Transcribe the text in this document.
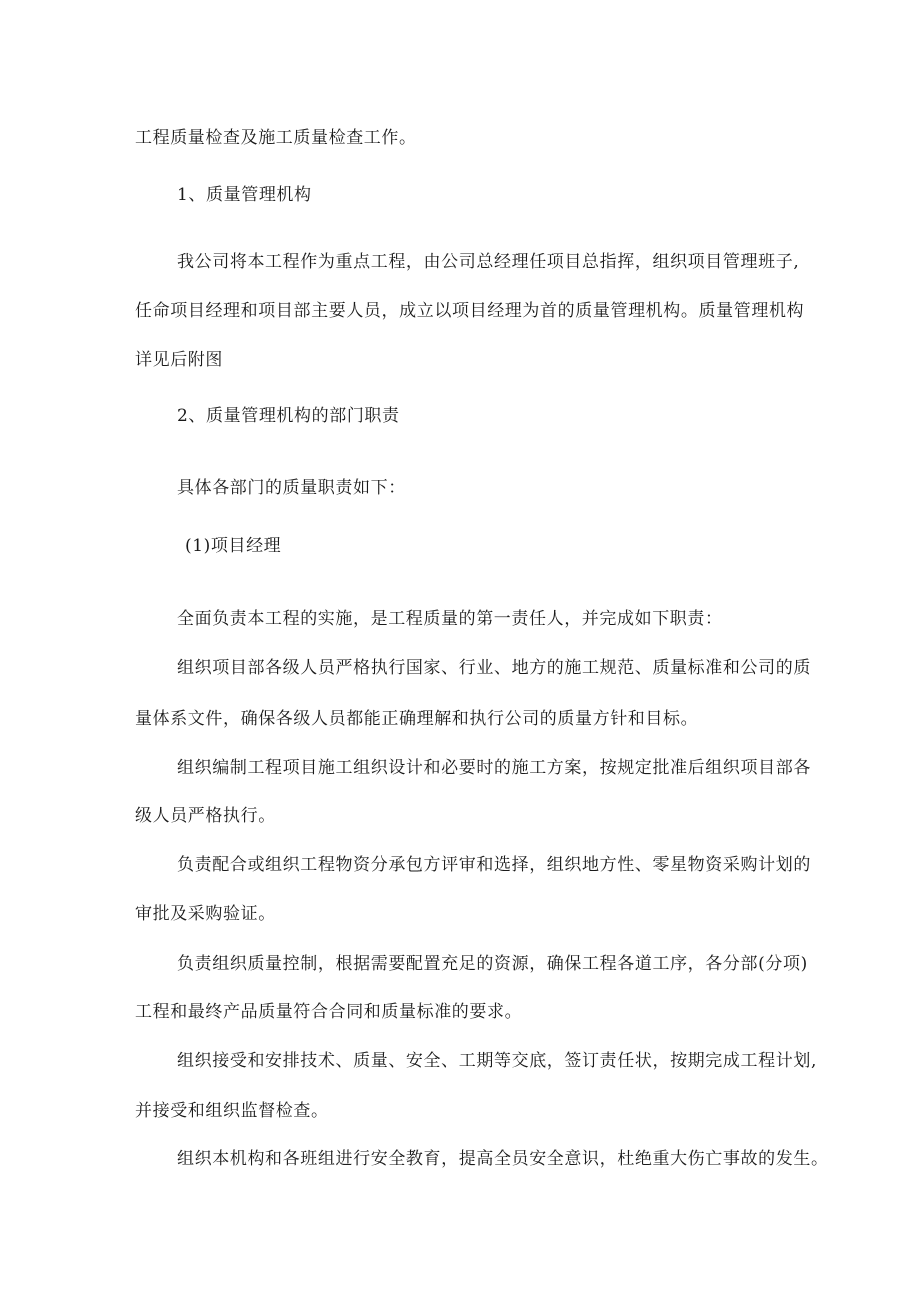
工程质量检查及施工质量检查工作。
1、质量管理机构
我 公 司 将 本 工 程 作 为 重 点 工 程 ， 由 公 司 总 经 理 任 项 目 总 指 挥 ， 组 织 项 目 管 理 班 子 ,
任 命 项 目 经 理 和 项 目 部 主 要 人 员 ， 成 立 以 项 目 经 理 为 首 的 质 量 管 理 机 构 。 质 量 管 理 机 构
详见后附图
2、质量管理机构的部门职责
具体各部门的质量职责如下：
(1)项目经理
全面负责本工程的实施，是工程质量的第一责任人，并完成如下职责：
组 织 项 目 部 各 级 人 员 严 格 执 行 国 家 、 行 业 、 地 方 的 施 工 规 范 、 质 量 标 准 和 公 司 的 质
量体系文件，确保各级人员都能正确理解和执行公司的质量方针和目标。
组 织 编 制 工 程 项 目 施 工 组 织 设 计 和 必 要 时 的 施 工 方 案 ， 按 规 定 批 准 后 组 织 项 目 部 各
级人员严格执行。
负 责 配 合 或 组 织 工 程 物 资 分 承 包 方 评 审 和 选 择 ， 组 织 地 方 性 、 零 星 物 资 采 购 计 划 的
审批及采购验证。
负 责 组 织 质 量 控 制 ， 根 据 需 要 配 置 充 足 的 资 源 ， 确 保 工 程 各 道 工 序 ， 各 分 部 ( 分 项 )
工程和最终产品质量符合合同和质量标准的要求。
组 织 接 受 和 安 排 技 术 、 质 量 、 安 全 、 工 期 等 交 底 ， 签 订 责 任 状 ， 按 期 完 成 工 程 计 划 ,
并接受和组织监督检查。
组 织 本 机 构 和 各 班 组 进 行 安 全 教 育 ， 提 高 全 员 安 全 意 识 ， 杜 绝 重 大 伤 亡 事 故 的 发 生 。
